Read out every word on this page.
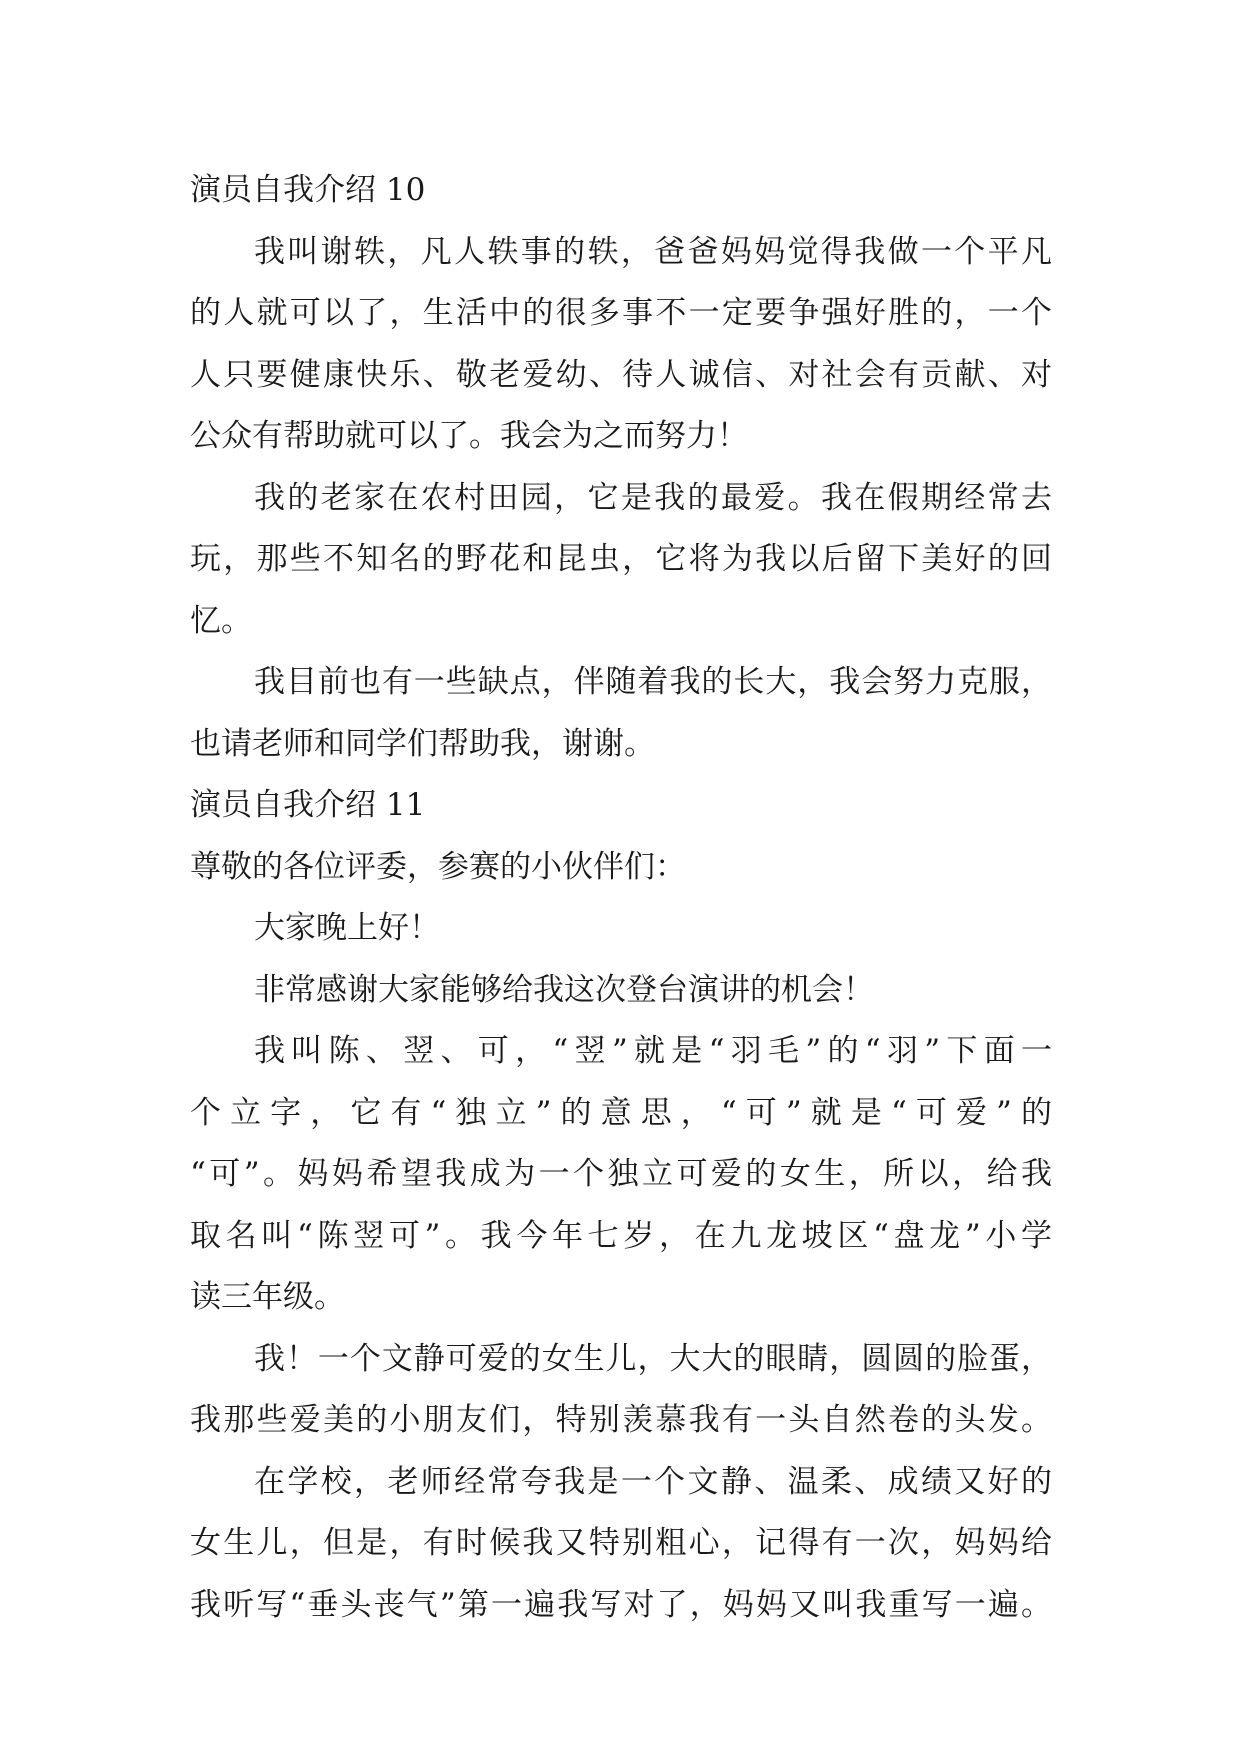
演员自我介绍 10

我叫谢轶，凡人轶事的轶，爸爸妈妈觉得我做一个平凡

的人就可以了，生活中的很多事不一定要争强好胜的，一个

人只要健康快乐、敬老爱幼、待人诚信、对社会有贡献、对

公众有帮助就可以了。我会为之而努力！

我的老家在农村田园，它是我的最爱。我在假期经常去

玩，那些不知名的野花和昆虫，它将为我以后留下美好的回

忆。

我目前也有一些缺点，伴随着我的长大，我会努力克服，

也请老师和同学们帮助我，谢谢。

演员自我介绍 11

尊敬的各位评委，参赛的小伙伴们：

大家晚上好！

非常感谢大家能够给我这次登台演讲的机会！

我叫陈、翌、可，“翌”就是“羽毛”的“羽”下面一

个立字，它有“独立”的意思，“可”就是“可爱”的

“可”。妈妈希望我成为一个独立可爱的女生，所以，给我

取名叫“陈翌可”。我今年七岁，在九龙坡区“盘龙”小学

读三年级。

我！一个文静可爱的女生儿，大大的眼睛，圆圆的脸蛋，

我那些爱美的小朋友们，特别羡慕我有一头自然卷的头发。

在学校，老师经常夸我是一个文静、温柔、成绩又好的

女生儿，但是，有时候我又特别粗心，记得有一次，妈妈给

我听写“垂头丧气”第一遍我写对了，妈妈又叫我重写一遍。
